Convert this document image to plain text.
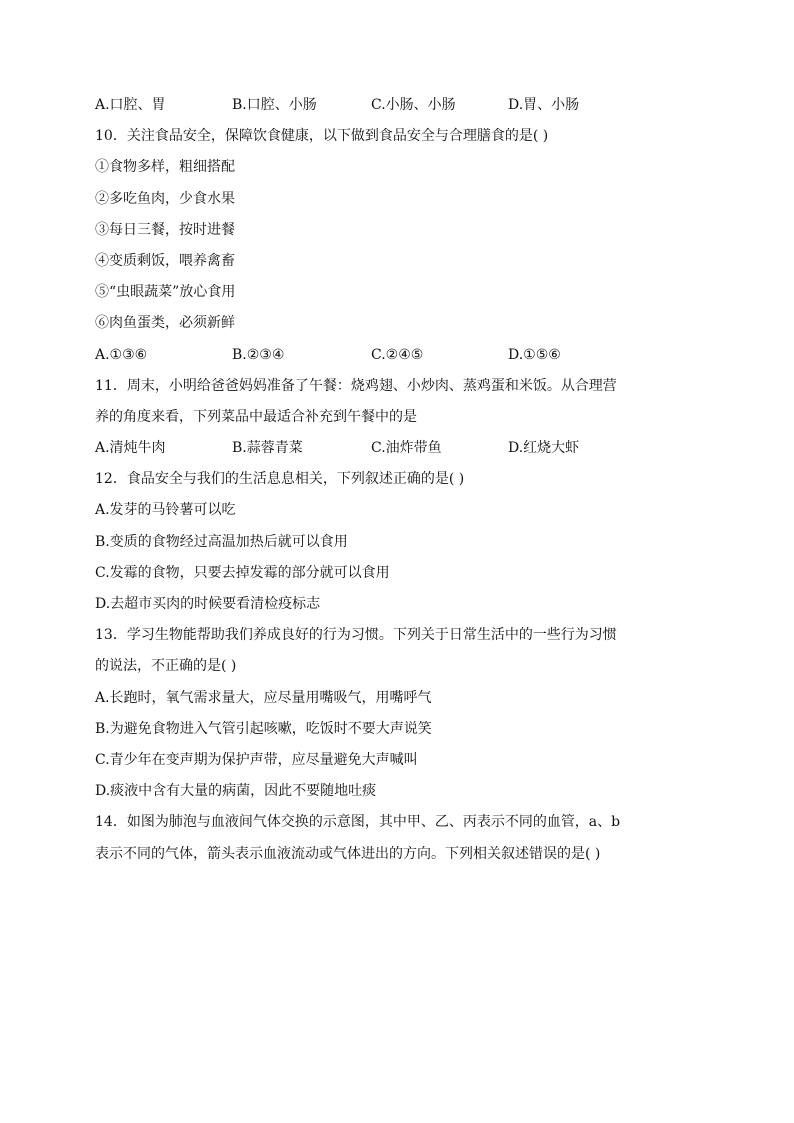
A.口腔、胃	B.口腔、小肠	C.小肠、小肠	D.胃、小肠
10．关注食品安全，保障饮食健康，以下做到食品安全与合理膳食的是( )
①食物多样，粗细搭配
②多吃鱼肉，少食水果
③每日三餐，按时进餐
④变质剩饭，喂养禽畜
⑤“虫眼蔬菜”放心食用
⑥肉鱼蛋类，必须新鲜
A.①③⑥	B.②③④	C.②④⑤	D.①⑤⑥
11．周末，小明给爸爸妈妈准备了午餐：烧鸡翅、小炒肉、蒸鸡蛋和米饭。从合理营
养的角度来看，下列菜品中最适合补充到午餐中的是
A.清炖牛肉	B.蒜蓉青菜	C.油炸带鱼	D.红烧大虾
12．食品安全与我们的生活息息相关，下列叙述正确的是( )
A.发芽的马铃薯可以吃
B.变质的食物经过高温加热后就可以食用
C.发霉的食物，只要去掉发霉的部分就可以食用
D.去超市买肉的时候要看清检疫标志
13．学习生物能帮助我们养成良好的行为习惯。下列关于日常生活中的一些行为习惯
的说法，不正确的是( )
A.长跑时，氧气需求量大，应尽量用嘴吸气，用嘴呼气
B.为避免食物进入气管引起咳嗽，吃饭时不要大声说笑
C.青少年在变声期为保护声带，应尽量避免大声喊叫
D.痰液中含有大量的病菌，因此不要随地吐痰
14．如图为肺泡与血液间气体交换的示意图，其中甲、乙、丙表示不同的血管，a、b
表示不同的气体，箭头表示血液流动或气体进出的方向。下列相关叙述错误的是( )
